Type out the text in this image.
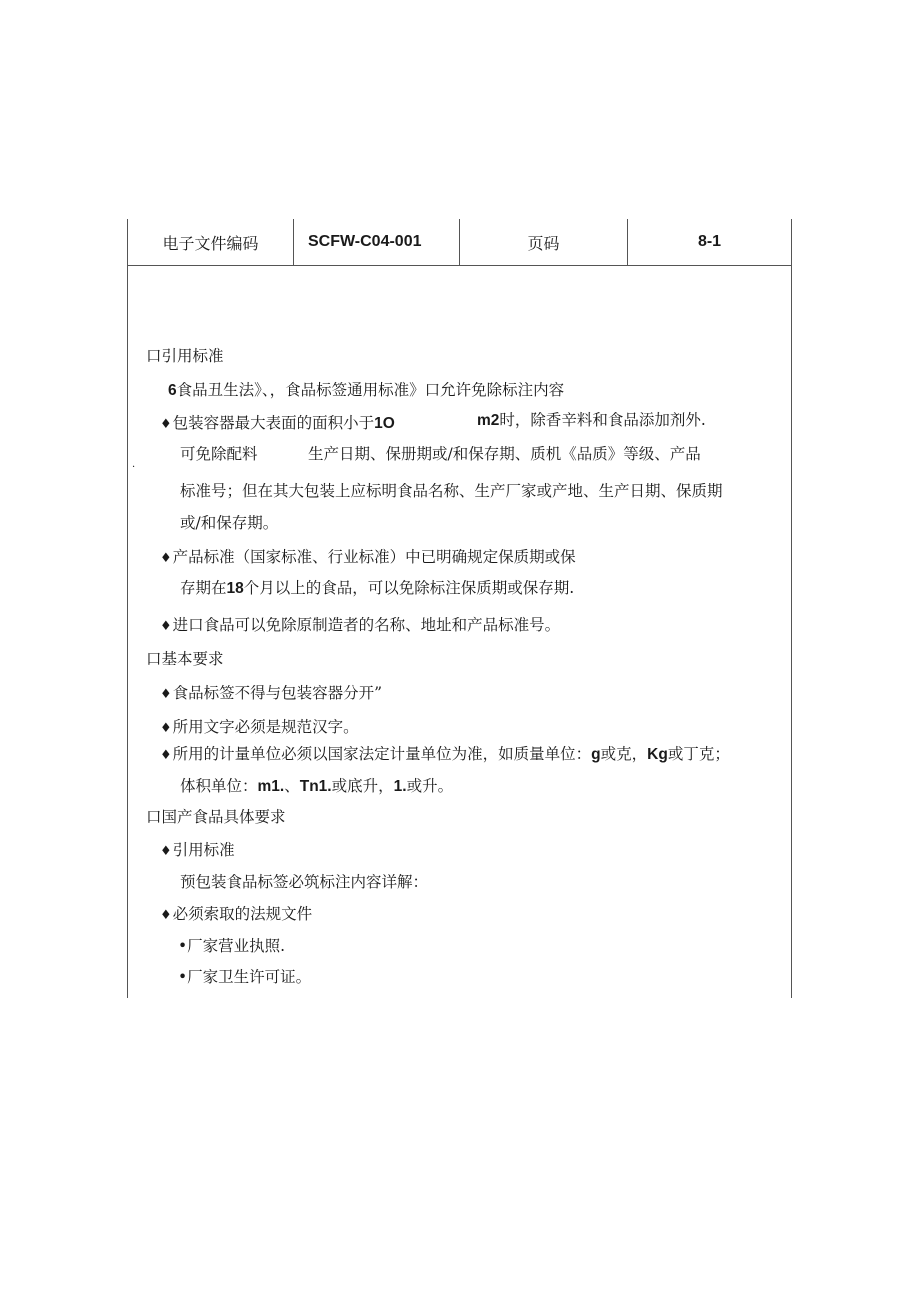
电子文件编码	SCFW-C04-001	页码	8-1
口引用标准
6食品丑生法》、，食品标签通用标准》口允许免除标注内容
♦包装容器最大表面的面积小于1O	m2时，除香辛料和食品添加剂外.
·
可免除配料	生产日期、保册期或/和保存期、质机《品质》等级、产品
标准号；但在其大包装上应标明食品名称、生产厂家或产地、生产日期、保质期
或/和保存期。
♦产品标准（国家标准、行业标准）中已明确规定保质期或保
存期在18个月以上的食品，可以免除标注保质期或保存期.
♦进口食品可以免除原制造者的名称、地址和产品标准号。
口基本要求
♦食品标签不得与包装容器分开”
♦所用文字必须是规范汉字。
♦所用的计量单位必须以国家法定计量单位为准，如质量单位：g或克，Kg或丁克；
体积单位：m1.、Tn1.或底升，1.或升。
口国产食品具体要求
♦引用标准
预包装食品标签必筑标注内容详解：
♦必须索取的法规文件
•厂家营业执照.
•厂家卫生许可证。
